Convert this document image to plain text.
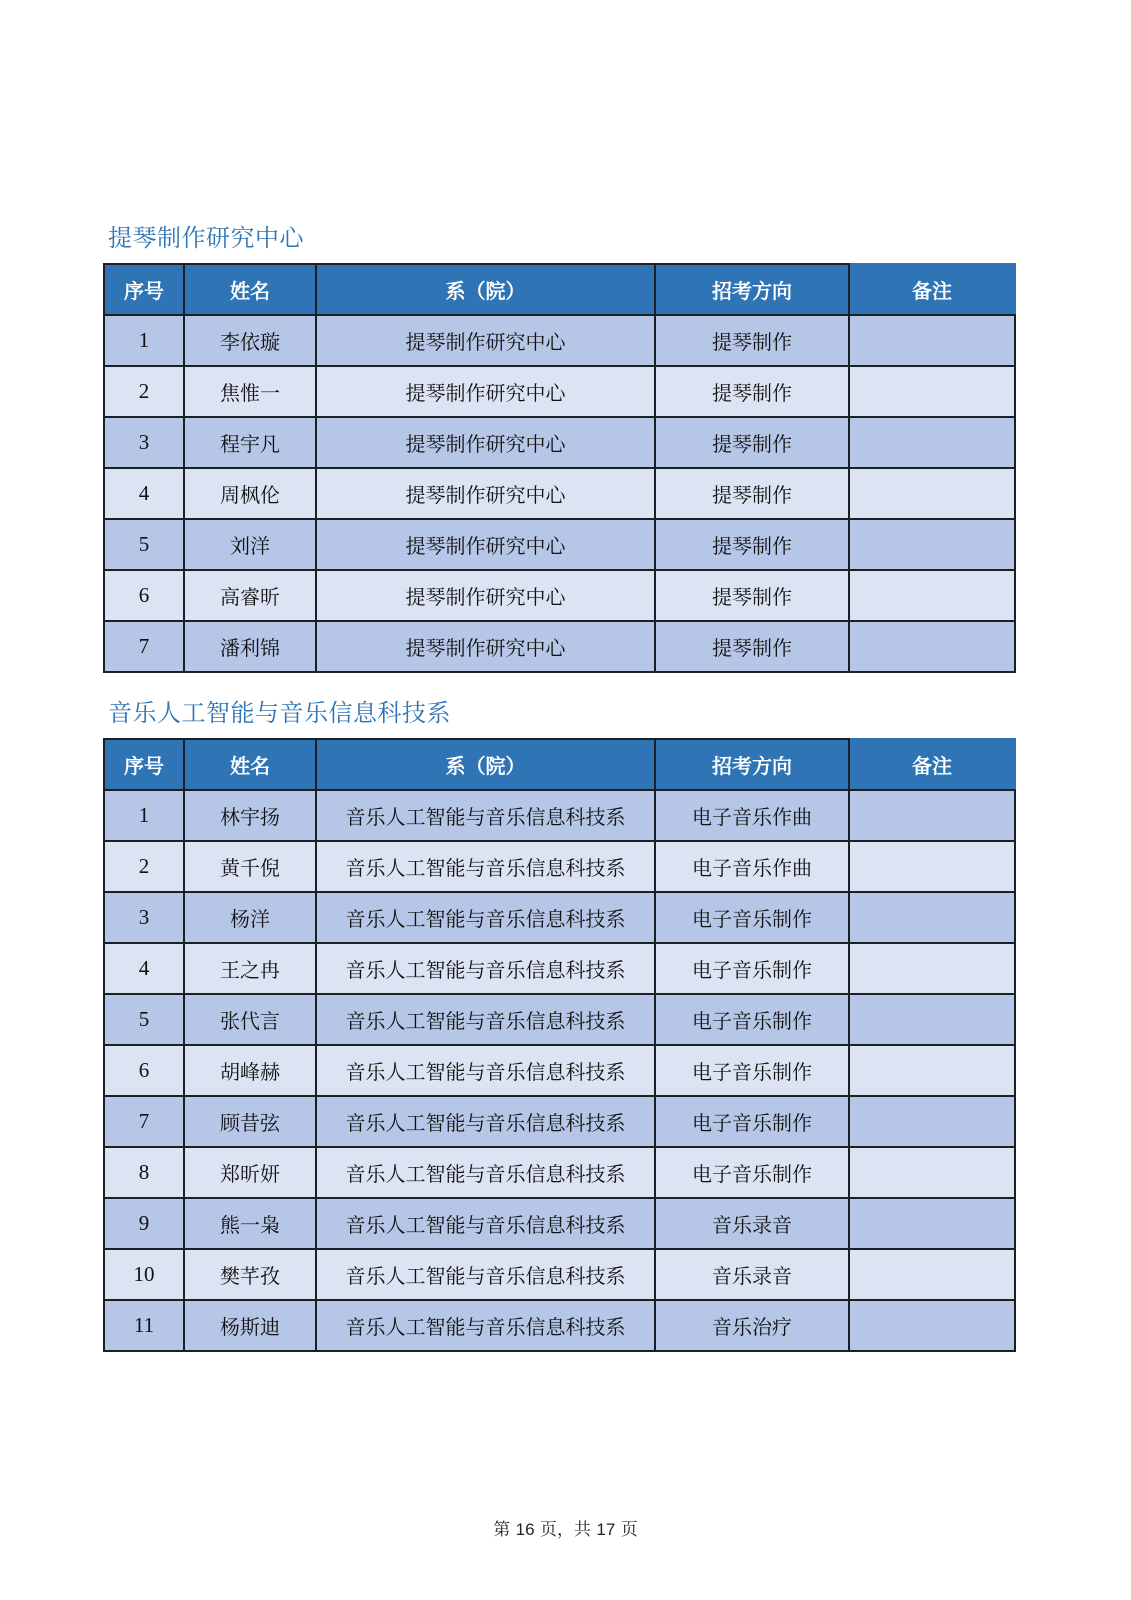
提琴制作研究中心
序号	姓名	系（院）	招考方向	备注
1	李依璇	提琴制作研究中心	提琴制作	
2	焦惟一	提琴制作研究中心	提琴制作	
3	程宇凡	提琴制作研究中心	提琴制作	
4	周枫伦	提琴制作研究中心	提琴制作	
5	刘洋	提琴制作研究中心	提琴制作	
6	高睿昕	提琴制作研究中心	提琴制作	
7	潘利锦	提琴制作研究中心	提琴制作	
音乐人工智能与音乐信息科技系
序号	姓名	系（院）	招考方向	备注
1	林宇扬	音乐人工智能与音乐信息科技系	电子音乐作曲	
2	黄千倪	音乐人工智能与音乐信息科技系	电子音乐作曲	
3	杨洋	音乐人工智能与音乐信息科技系	电子音乐制作	
4	王之冉	音乐人工智能与音乐信息科技系	电子音乐制作	
5	张代言	音乐人工智能与音乐信息科技系	电子音乐制作	
6	胡峰赫	音乐人工智能与音乐信息科技系	电子音乐制作	
7	顾昔弦	音乐人工智能与音乐信息科技系	电子音乐制作	
8	郑昕妍	音乐人工智能与音乐信息科技系	电子音乐制作	
9	熊一枭	音乐人工智能与音乐信息科技系	音乐录音	
10	樊芊孜	音乐人工智能与音乐信息科技系	音乐录音	
11	杨斯迪	音乐人工智能与音乐信息科技系	音乐治疗	
第 16 页，共 17 页
